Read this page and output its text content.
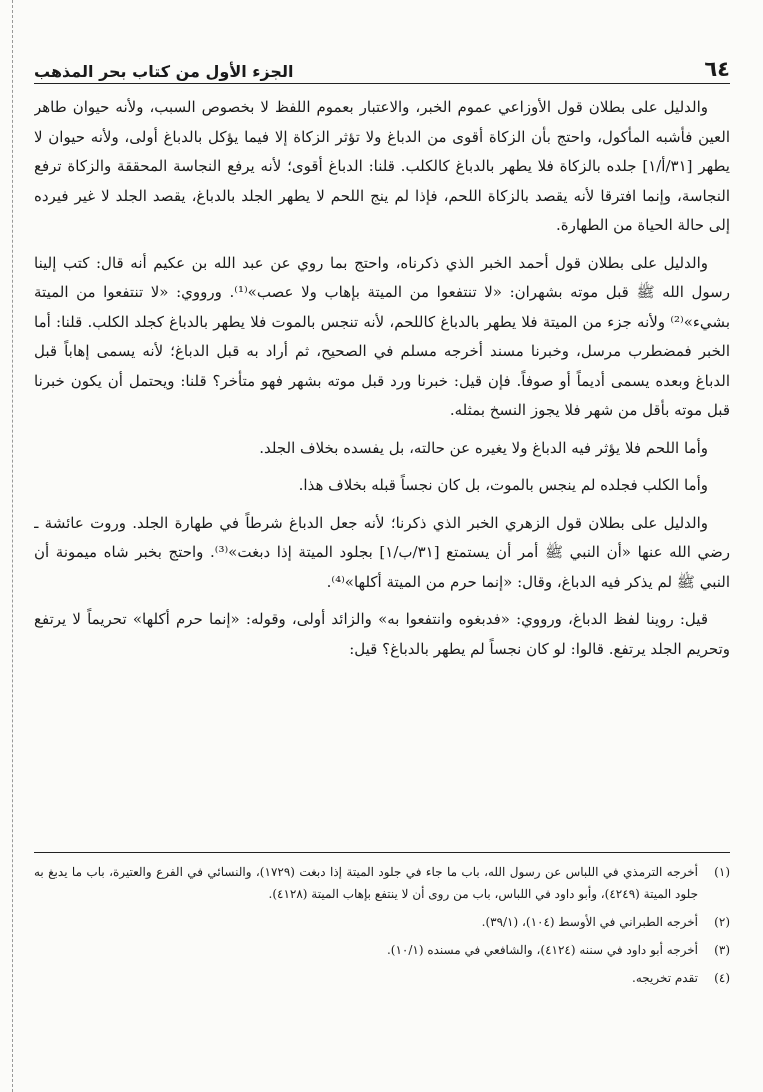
٦٤
الجزء الأول من كتاب بحر المذهب

والدليل على بطلان قول الأوزاعي عموم الخبر، والاعتبار بعموم اللفظ لا بخصوص السبب، ولأنه حيوان طاهر العين فأشبه المأكول، واحتج بأن الزكاة أقوى من الدباغ ولا تؤثر الزكاة إلا فيما يؤكل بالدباغ أولى، ولأنه حيوان لا يطهر [٣١/أ/١] جلده بالزكاة فلا يطهر بالدباغ كالكلب. قلنا: الدباغ أقوى؛ لأنه يرفع النجاسة المحققة والزكاة ترفع النجاسة، وإنما افترقا لأنه يقصد بالزكاة اللحم، فإذا لم ينج اللحم لا يطهر الجلد بالدباغ، يقصد الجلد لا غير فيرده إلى حالة الحياة من الطهارة.

والدليل على بطلان قول أحمد الخبر الذي ذكرناه، واحتج بما روي عن عبد الله بن عكيم أنه قال: كتب إلينا رسول الله ﷺ قبل موته بشهران: «لا تنتفعوا من الميتة بإهاب ولا عصب»⁽¹⁾. ورووي: «لا تنتفعوا من الميتة بشيء»⁽²⁾ ولأنه جزء من الميتة فلا يطهر بالدباغ كاللحم، لأنه تنجس بالموت فلا يطهر بالدباغ كجلد الكلب. قلنا: أما الخبر فمضطرب مرسل، وخبرنا مسند أخرجه مسلم في الصحيح، ثم أراد به قبل الدباغ؛ لأنه يسمى إهاباً قبل الدباغ وبعده يسمى أديماً أو صوفاً. فإن قيل: خبرنا ورد قبل موته بشهر فهو متأخر؟ قلنا: ويحتمل أن يكون خبرنا قبل موته بأقل من شهر فلا يجوز النسخ بمثله.

وأما اللحم فلا يؤثر فيه الدباغ ولا يغيره عن حالته، بل يفسده بخلاف الجلد.

وأما الكلب فجلده لم ينجس بالموت، بل كان نجساً قبله بخلاف هذا.

والدليل على بطلان قول الزهري الخبر الذي ذكرنا؛ لأنه جعل الدباغ شرطاً في طهارة الجلد. وروت عائشة ـ رضي الله عنها «أن النبي ﷺ أمر أن يستمتع [٣١/ب/١] بجلود الميتة إذا دبغت»⁽³⁾. واحتج بخبر شاه ميمونة أن النبي ﷺ لم يذكر فيه الدباغ، وقال: «إنما حرم من الميتة أكلها»⁽⁴⁾.

قيل: روينا لفظ الدباغ، ورووي: «فدبغوه وانتفعوا به» والزائد أولى، وقوله: «إنما حرم أكلها» تحريماً لا يرتفع وتحريم الجلد يرتفع. قالوا: لو كان نجساً لم يطهر بالدباغ؟ قيل:

(١)
أخرجه الترمذي في اللباس عن رسول الله، باب ما جاء في جلود الميتة إذا دبغت (١٧٢٩)، والنسائي في الفرع والعتيرة، باب ما يدبغ به جلود الميتة (٤٢٤٩)، وأبو داود في اللباس، باب من روى أن لا ينتفع بإهاب الميتة (٤١٢٨).
(٢)
أخرجه الطبراني في الأوسط (١٠٤)، (٣٩/١).
(٣)
أخرجه أبو داود في سننه (٤١٢٤)، والشافعي في مسنده (١٠/١).
(٤)
تقدم تخريجه.
